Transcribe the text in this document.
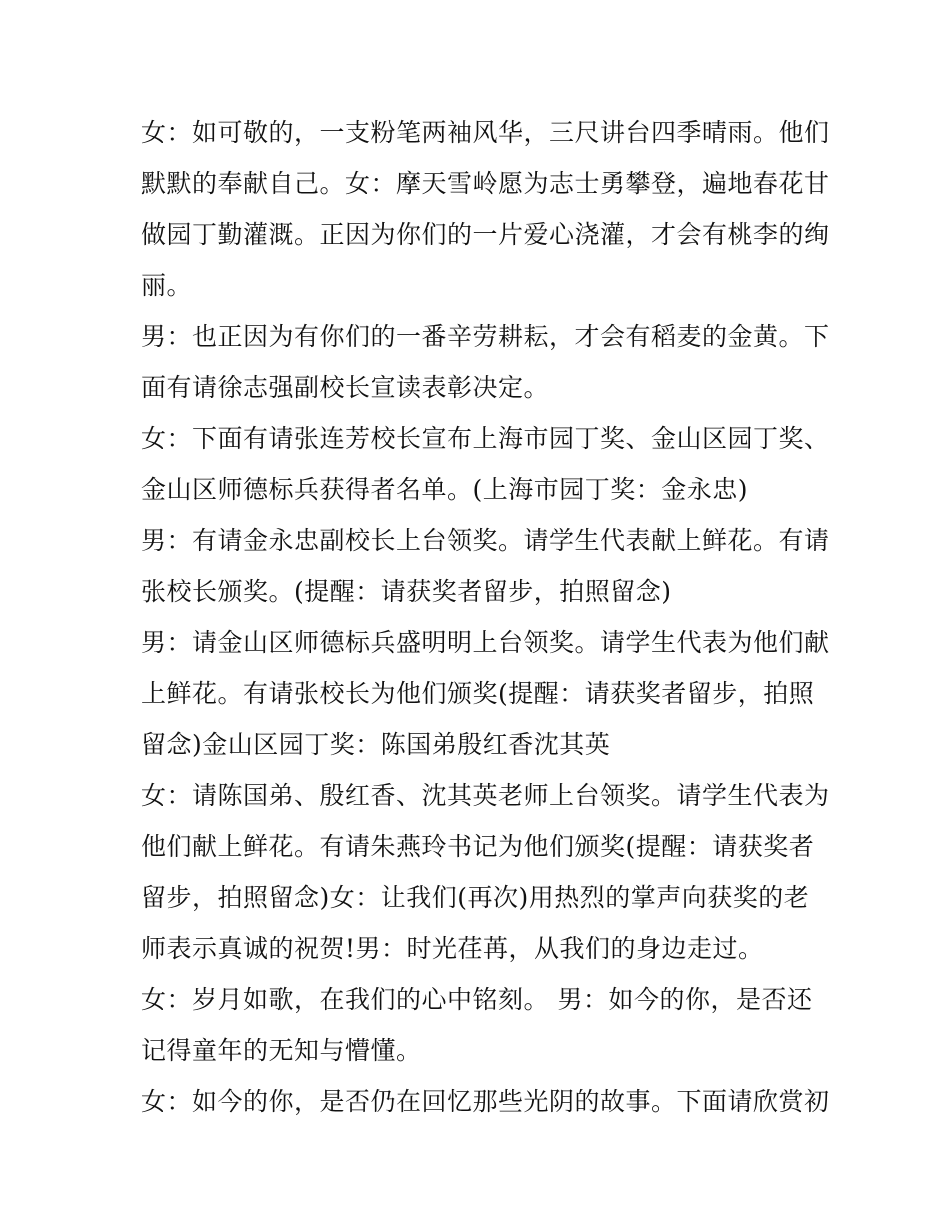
女：如可敬的，一支粉笔两袖风华，三尺讲台四季晴雨。他们
默默的奉献自己。女：摩天雪岭愿为志士勇攀登，遍地春花甘
做园丁勤灌溉。正因为你们的一片爱心浇灌，才会有桃李的绚
丽。
男：也正因为有你们的一番辛劳耕耘，才会有稻麦的金黄。下
面有请徐志强副校长宣读表彰决定。
女：下面有请张连芳校长宣布上海市园丁奖、金山区园丁奖、
金山区师德标兵获得者名单。(上海市园丁奖：金永忠)
男：有请金永忠副校长上台领奖。请学生代表献上鲜花。有请
张校长颁奖。(提醒：请获奖者留步，拍照留念)
男：请金山区师德标兵盛明明上台领奖。请学生代表为他们献
上鲜花。有请张校长为他们颁奖(提醒：请获奖者留步，拍照
留念)金山区园丁奖：陈国弟殷红香沈其英
女：请陈国弟、殷红香、沈其英老师上台领奖。请学生代表为
他们献上鲜花。有请朱燕玲书记为他们颁奖(提醒：请获奖者
留步，拍照留念)女：让我们(再次)用热烈的掌声向获奖的老
师表示真诚的祝贺!男：时光荏苒，从我们的身边走过。
女：岁月如歌，在我们的心中铭刻。 男：如今的你，是否还
记得童年的无知与懵懂。
女：如今的你，是否仍在回忆那些光阴的故事。下面请欣赏初
